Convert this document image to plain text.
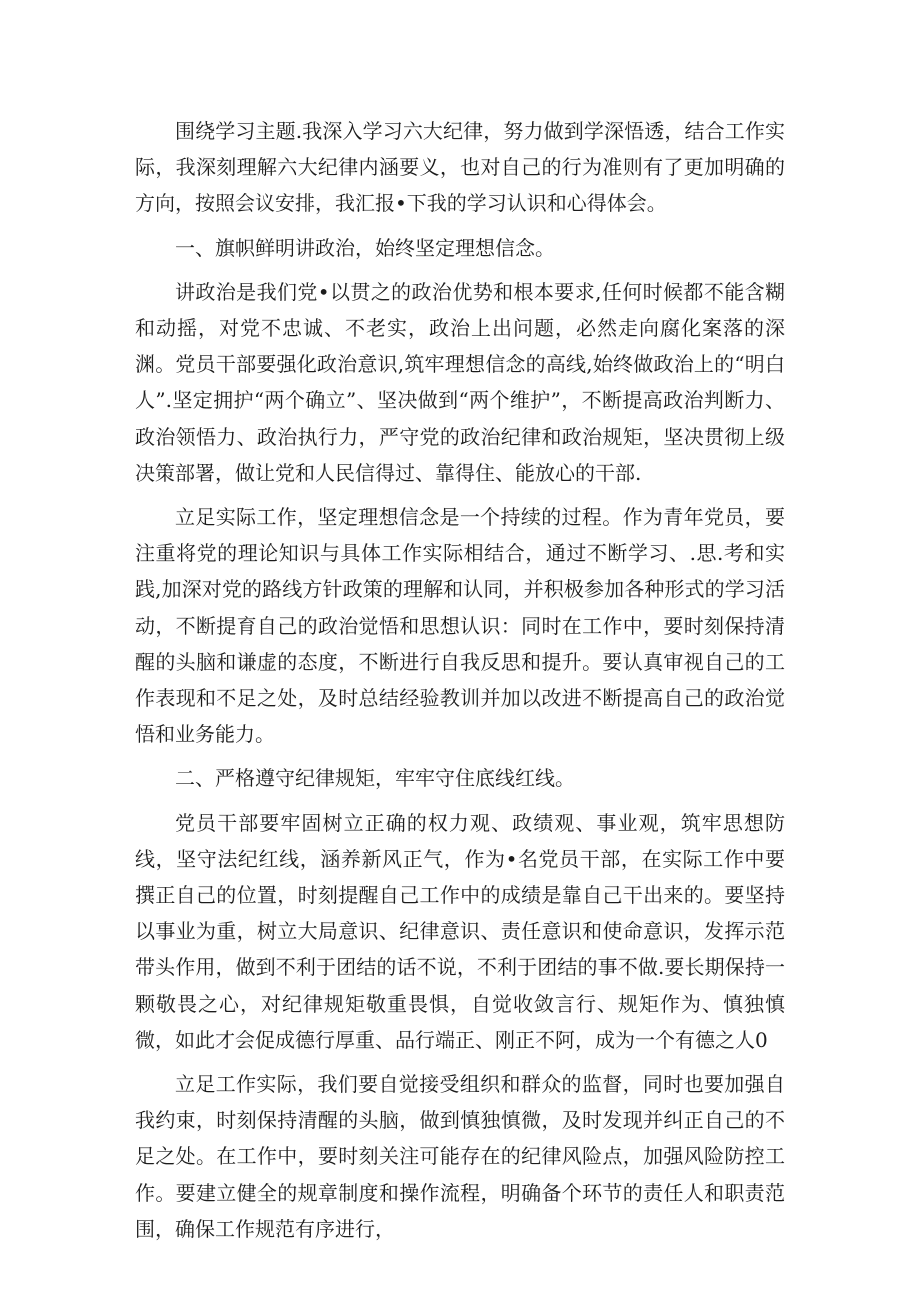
围绕学习主题.我深入学习六大纪律，努力做到学深悟透，结合工作实际，我深刻理解六大纪律内涵要义，也对自己的行为准则有了更加明确的方向，按照会议安排，我汇报•下我的学习认识和心得体会。

一、旗帜鲜明讲政治，始终坚定理想信念。

讲政治是我们党•以贯之的政治优势和根本要求,任何时候都不能含糊和动摇，对党不忠诚、不老实，政治上出问题，必然走向腐化案落的深渊。党员干部要强化政治意识,筑牢理想信念的高线,始终做政治上的“明白人”.坚定拥护“两个确立”、坚决做到“两个维护”，不断提高政治判断力、政治领悟力、政治执行力，严守党的政治纪律和政治规矩，坚决贯彻上级决策部署，做让党和人民信得过、靠得住、能放心的干部.

立足实际工作，坚定理想信念是一个持续的过程。作为青年党员，要注重将党的理论知识与具体工作实际相结合，通过不断学习、.思.考和实践,加深对党的路线方针政策的理解和认同，并积极参加各种形式的学习活动，不断提育自己的政治觉悟和思想认识：同时在工作中，要时刻保持清醒的头脑和谦虚的态度，不断进行自我反思和提升。要认真审视自己的工作表现和不足之处，及时总结经验教训并加以改进不断提高自己的政治觉悟和业务能力。

二、严格遵守纪律规矩，牢牢守住底线红线。

党员干部要牢固树立正确的权力观、政绩观、事业观，筑牢思想防线，坚守法纪红线，涵养新风正气，作为•名党员干部，在实际工作中要撰正自己的位置，时刻提醒自己工作中的成绩是靠自己干出来的。要坚持以事业为重，树立大局意识、纪律意识、责任意识和使命意识，发挥示范带头作用，做到不利于团结的话不说，不利于团结的事不做.要长期保持一颗敬畏之心，对纪律规矩敬重畏惧，自觉收敛言行、规矩作为、慎独慎微，如此才会促成德行厚重、品行端正、刚正不阿，成为一个有德之人0

立足工作实际，我们要自觉接受组织和群众的监督，同时也要加强自我约束，时刻保持清醒的头脑，做到慎独慎微，及时发现并纠正自己的不足之处。在工作中，要时刻关注可能存在的纪律风险点，加强风险防控工作。要建立健全的规章制度和操作流程，明确备个环节的责任人和职责范围，确保工作规范有序进行，
